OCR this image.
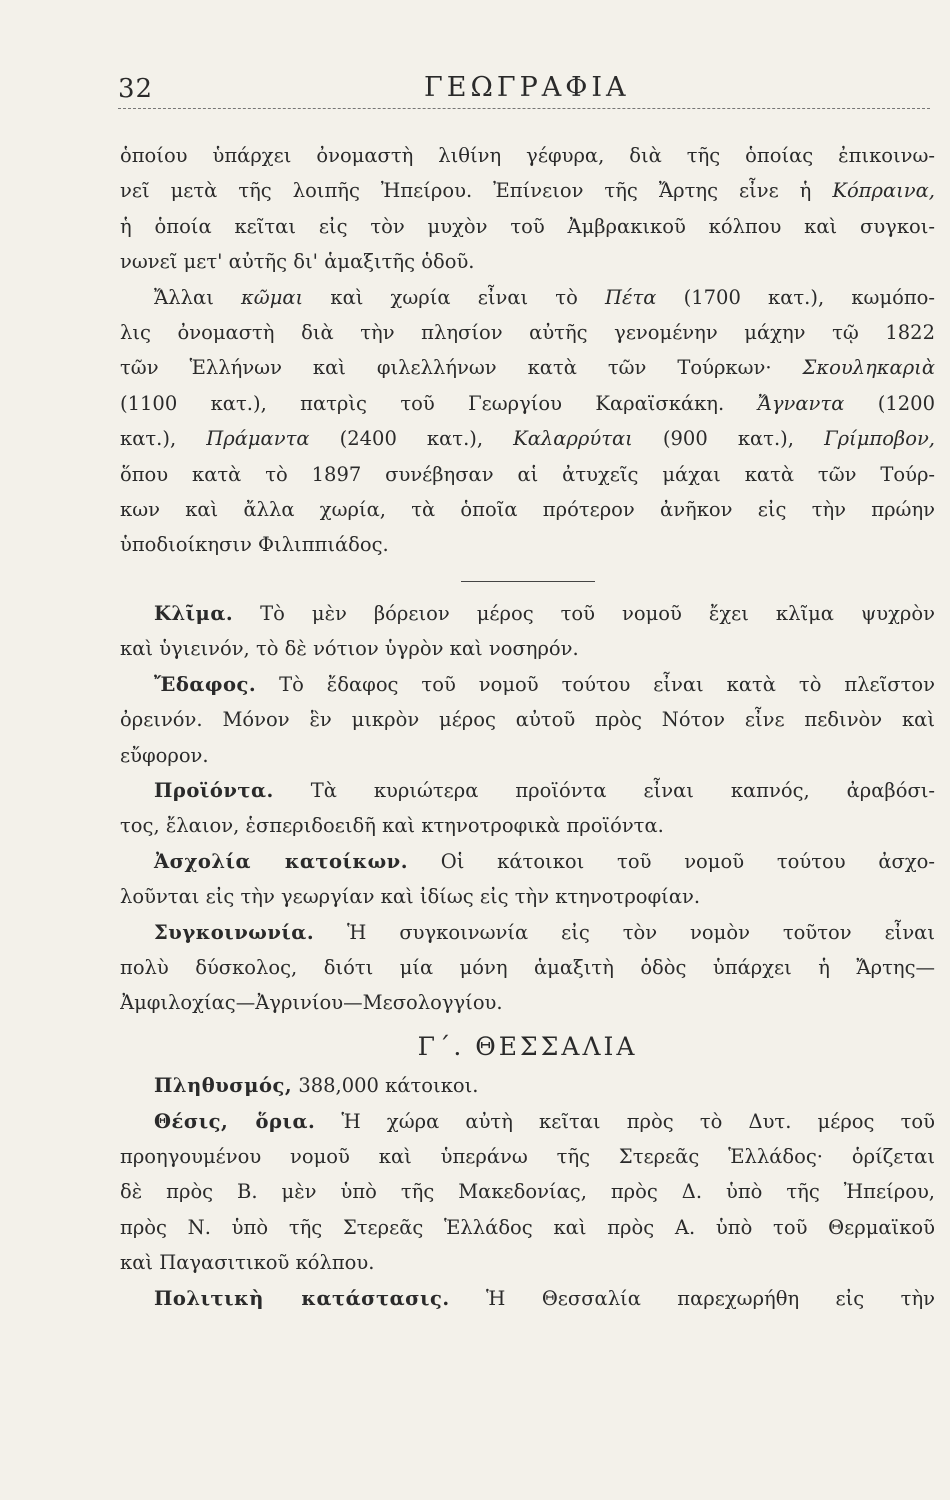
32	ΓΕΩΓΡΑΦΙΑ
ὁποίου ὑπάρχει ὀνομαστὴ λιθίνη γέφυρα, διὰ τῆς ὁποίας ἐπικοινω-
νεῖ μετὰ τῆς λοιπῆς Ἠπείρου. Ἐπίνειον τῆς Ἄρτης εἶνε ἡ Κόπραινα,
ἡ ὁποία κεῖται εἰς τὸν μυχὸν τοῦ Ἀμβρακικοῦ κόλπου καὶ συγκοι-
νωνεῖ μετ' αὐτῆς δι' ἁμαξιτῆς ὁδοῦ.
Ἄλλαι κῶμαι καὶ χωρία εἶναι τὸ Πέτα (1700 κατ.), κωμόπο-
λις ὀνομαστὴ διὰ τὴν πλησίον αὐτῆς γενομένην μάχην τῷ 1822
τῶν Ἑλλήνων καὶ φιλελλήνων κατὰ τῶν Τούρκων· Σκουληκαριὰ
(1100 κατ.), πατρὶς τοῦ Γεωργίου Καραϊσκάκη. Ἄγναντα (1200
κατ.), Πράμαντα (2400 κατ.), Καλαρρύται (900 κατ.), Γρίμποβον,
ὅπου κατὰ τὸ 1897 συνέβησαν αἱ ἀτυχεῖς μάχαι κατὰ τῶν Τούρ-
κων καὶ ἄλλα χωρία, τὰ ὁποῖα πρότερον ἀνῆκον εἰς τὴν πρώην
ὑποδιοίκησιν Φιλιππιάδος.
Κλῖμα. Τὸ μὲν βόρειον μέρος τοῦ νομοῦ ἔχει κλῖμα ψυχρὸν
καὶ ὑγιεινόν, τὸ δὲ νότιον ὑγρὸν καὶ νοσηρόν.
Ἔδαφος. Τὸ ἔδαφος τοῦ νομοῦ τούτου εἶναι κατὰ τὸ πλεῖστον
ὀρεινόν. Μόνον ἓν μικρὸν μέρος αὐτοῦ πρὸς Νότον εἶνε πεδινὸν καὶ
εὔφορον.
Προϊόντα. Τὰ κυριώτερα προϊόντα εἶναι καπνός, ἀραβόσι-
τος, ἔλαιον, ἑσπεριδοειδῆ καὶ κτηνοτροφικὰ προϊόντα.
Ἀσχολία κατοίκων. Οἱ κάτοικοι τοῦ νομοῦ τούτου ἀσχο-
λοῦνται εἰς τὴν γεωργίαν καὶ ἰδίως εἰς τὴν κτηνοτροφίαν.
Συγκοινωνία. Ἡ συγκοινωνία εἰς τὸν νομὸν τοῦτον εἶναι
πολὺ δύσκολος, διότι μία μόνη ἁμαξιτὴ ὁδὸς ὑπάρχει ἡ Ἄρτης—
Ἀμφιλοχίας—Ἀγρινίου—Μεσολογγίου.
Γ΄. ΘΕΣΣΑΛΙΑ
Πληθυσμός, 388,000 κάτοικοι.
Θέσις, ὅρια. Ἡ χώρα αὐτὴ κεῖται πρὸς τὸ Δυτ. μέρος τοῦ
προηγουμένου νομοῦ καὶ ὑπεράνω τῆς Στερεᾶς Ἑλλάδος· ὁρίζεται
δὲ πρὸς Β. μὲν ὑπὸ τῆς Μακεδονίας, πρὸς Δ. ὑπὸ τῆς Ἠπείρου,
πρὸς Ν. ὑπὸ τῆς Στερεᾶς Ἑλλάδος καὶ πρὸς Α. ὑπὸ τοῦ Θερμαϊκοῦ
καὶ Παγασιτικοῦ κόλπου.
Πολιτικὴ κατάστασις. Ἡ Θεσσαλία παρεχωρήθη εἰς τὴν
